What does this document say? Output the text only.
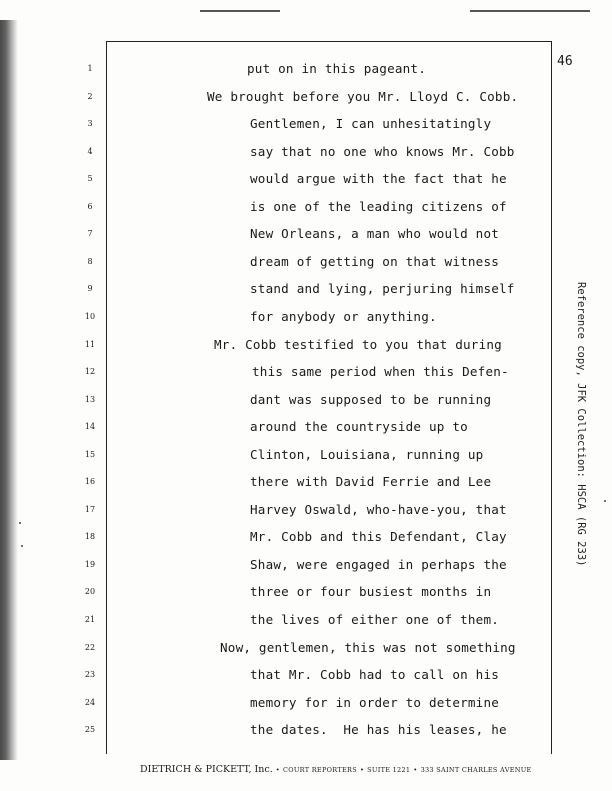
46
1	put on in this pageant.
2	We brought before you Mr. Lloyd C. Cobb.
3	Gentlemen, I can unhesitatingly
4	say that no one who knows Mr. Cobb
5	would argue with the fact that he
6	is one of the leading citizens of
7	New Orleans, a man who would not
8	dream of getting on that witness
9	stand and lying, perjuring himself
10	for anybody or anything.
11	Mr. Cobb testified to you that during
12	this same period when this Defen-
13	dant was supposed to be running
14	around the countryside up to
15	Clinton, Louisiana, running up
16	there with David Ferrie and Lee
17	Harvey Oswald, who-have-you, that
18	Mr. Cobb and this Defendant, Clay
19	Shaw, were engaged in perhaps the
20	three or four busiest months in
21	the lives of either one of them.
22	Now, gentlemen, this was not something
23	that Mr. Cobb had to call on his
24	memory for in order to determine
25	the dates.  He has his leases, he
Reference copy, JFK Collection: HSCA (RG 233)
DIETRICH & PICKETT, Inc. • COURT REPORTERS • SUITE 1221 • 333 SAINT CHARLES AVENUE
